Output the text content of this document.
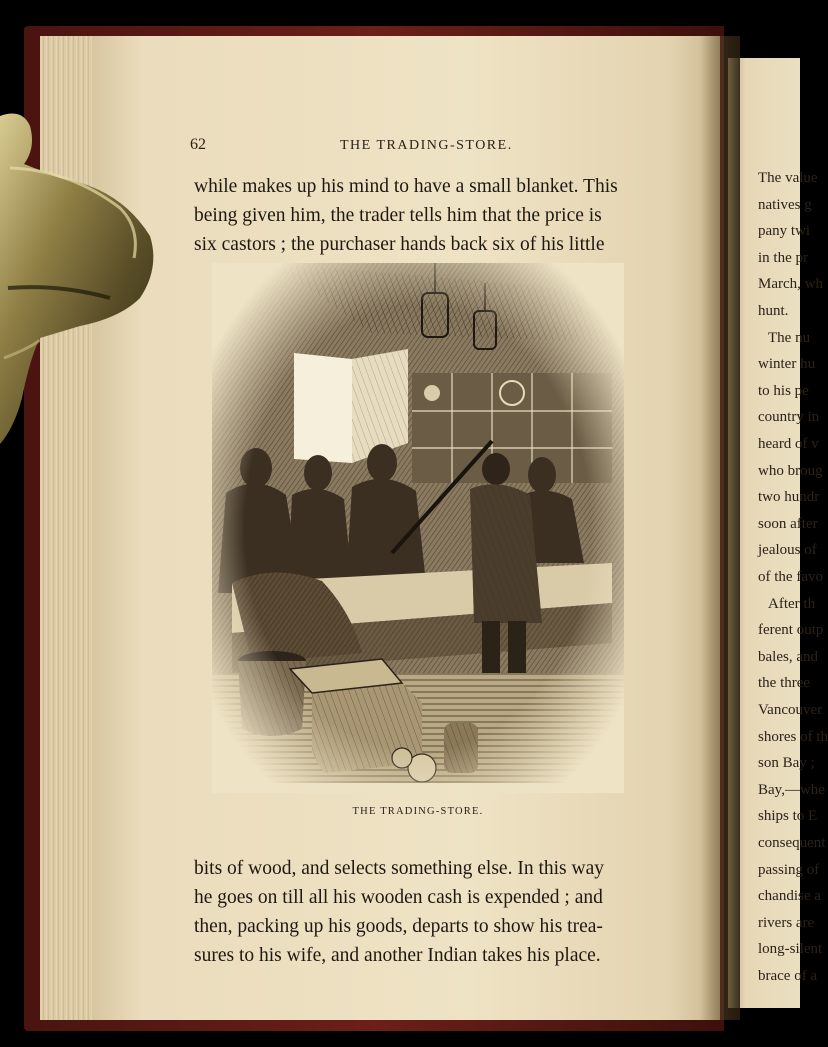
The value
natives g
pany twi
in the pr
March, wh
hunt.
The nu
winter hu
to his pe
country in
heard of v
who broug
two hundr
soon after
jealous of
of the favo
After th
ferent outp
bales, and
the three
Vancouver
shores of th
son Bay ;
Bay,—whe
ships to E
consequent
passing of
chandise a
rivers are
long-silent
brace of a
62	THE TRADING-STORE.
while makes up his mind to have a small blanket. This
being given him, the trader tells him that the price is
six castors ; the purchaser hands back six of his little
THE TRADING-STORE.
bits of wood, and selects something else. In this way
he goes on till all his wooden cash is expended ; and
then, packing up his goods, departs to show his trea-
sures to his wife, and another Indian takes his place.
